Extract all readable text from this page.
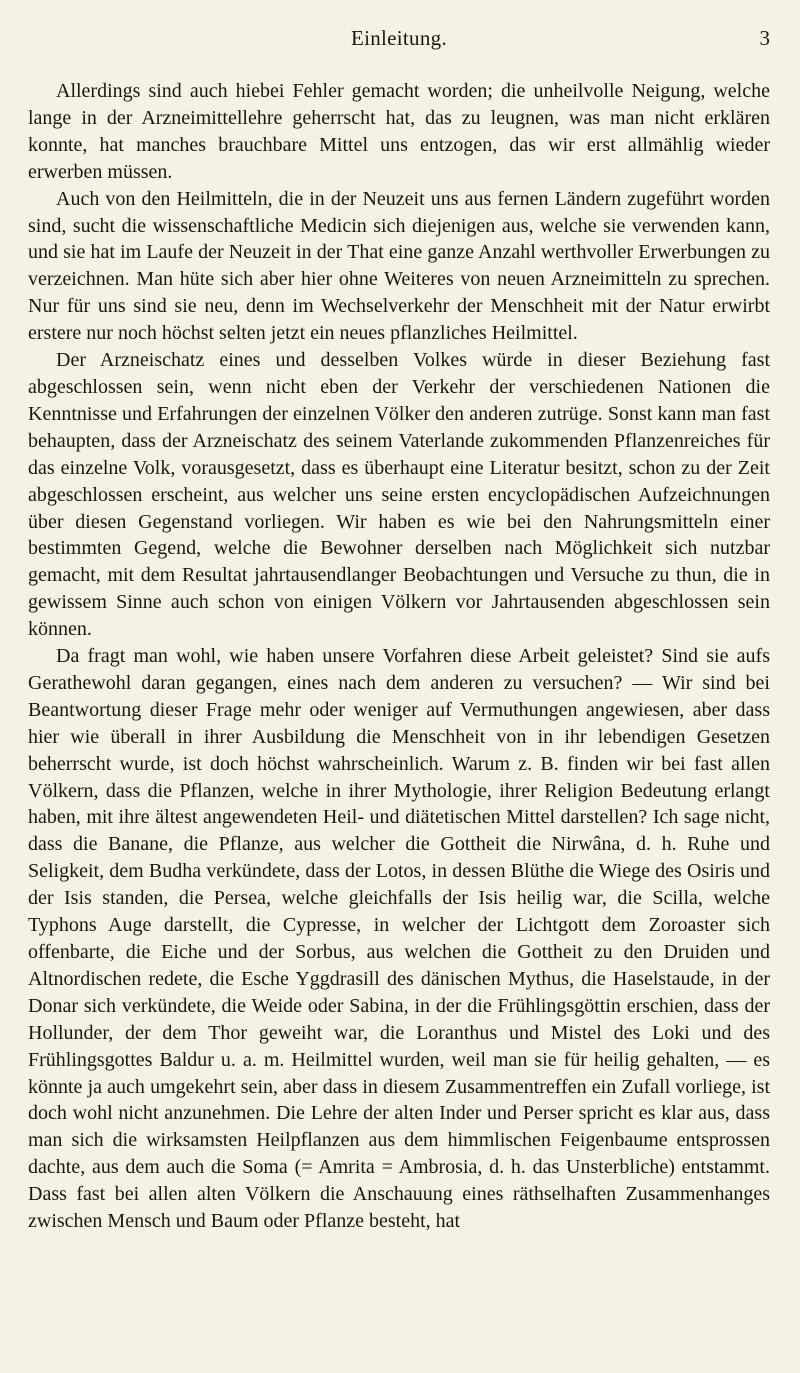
Einleitung.	3

Allerdings sind auch hiebei Fehler gemacht worden; die unheilvolle Neigung, welche lange in der Arzneimittellehre geherrscht hat, das zu leugnen, was man nicht erklären konnte, hat manches brauchbare Mittel uns entzogen, das wir erst allmählig wieder erwerben müssen.

Auch von den Heilmitteln, die in der Neuzeit uns aus fernen Ländern zugeführt worden sind, sucht die wissenschaftliche Medicin sich diejenigen aus, welche sie verwenden kann, und sie hat im Laufe der Neuzeit in der That eine ganze Anzahl werthvoller Erwerbungen zu verzeichnen. Man hüte sich aber hier ohne Weiteres von neuen Arzneimitteln zu sprechen. Nur für uns sind sie neu, denn im Wechselverkehr der Menschheit mit der Natur erwirbt erstere nur noch höchst selten jetzt ein neues pflanzliches Heilmittel.

Der Arzneischatz eines und desselben Volkes würde in dieser Beziehung fast abgeschlossen sein, wenn nicht eben der Verkehr der verschiedenen Nationen die Kenntnisse und Erfahrungen der einzelnen Völker den anderen zutrüge. Sonst kann man fast behaupten, dass der Arzneischatz des seinem Vaterlande zukommenden Pflanzenreiches für das einzelne Volk, vorausgesetzt, dass es überhaupt eine Literatur besitzt, schon zu der Zeit abgeschlossen erscheint, aus welcher uns seine ersten encyclopädischen Aufzeichnungen über diesen Gegenstand vorliegen. Wir haben es wie bei den Nahrungsmitteln einer bestimmten Gegend, welche die Bewohner derselben nach Möglichkeit sich nutzbar gemacht, mit dem Resultat jahrtausendlanger Beobachtungen und Versuche zu thun, die in gewissem Sinne auch schon von einigen Völkern vor Jahrtausenden abgeschlossen sein können.

Da fragt man wohl, wie haben unsere Vorfahren diese Arbeit geleistet? Sind sie aufs Gerathewohl daran gegangen, eines nach dem anderen zu versuchen? — Wir sind bei Beantwortung dieser Frage mehr oder weniger auf Vermuthungen angewiesen, aber dass hier wie überall in ihrer Ausbildung die Menschheit von in ihr lebendigen Gesetzen beherrscht wurde, ist doch höchst wahrscheinlich. Warum z. B. finden wir bei fast allen Völkern, dass die Pflanzen, welche in ihrer Mythologie, ihrer Religion Bedeutung erlangt haben, mit ihre ältest angewendeten Heil- und diätetischen Mittel darstellen? Ich sage nicht, dass die Banane, die Pflanze, aus welcher die Gottheit die Nirwâna, d. h. Ruhe und Seligkeit, dem Budha verkündete, dass der Lotos, in dessen Blüthe die Wiege des Osiris und der Isis standen, die Persea, welche gleichfalls der Isis heilig war, die Scilla, welche Typhons Auge darstellt, die Cypresse, in welcher der Lichtgott dem Zoroaster sich offenbarte, die Eiche und der Sorbus, aus welchen die Gottheit zu den Druiden und Altnordischen redete, die Esche Yggdrasill des dänischen Mythus, die Haselstaude, in der Donar sich verkündete, die Weide oder Sabina, in der die Frühlingsgöttin erschien, dass der Hollunder, der dem Thor geweiht war, die Loranthus und Mistel des Loki und des Frühlingsgottes Baldur u. a. m. Heilmittel wurden, weil man sie für heilig gehalten, — es könnte ja auch umgekehrt sein, aber dass in diesem Zusammentreffen ein Zufall vorliege, ist doch wohl nicht anzunehmen. Die Lehre der alten Inder und Perser spricht es klar aus, dass man sich die wirksamsten Heilpflanzen aus dem himmlischen Feigenbaume entsprossen dachte, aus dem auch die Soma (= Amrita = Ambrosia, d. h. das Unsterbliche) entstammt. Dass fast bei allen alten Völkern die Anschauung eines räthselhaften Zusammenhanges zwischen Mensch und Baum oder Pflanze besteht, hat
